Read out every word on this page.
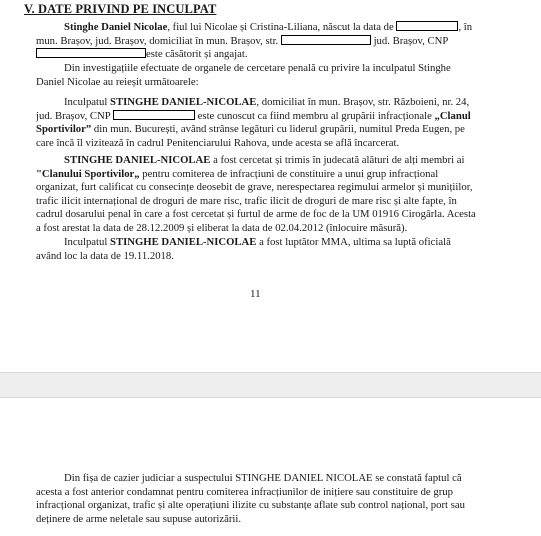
V. DATE PRIVIND PE INCULPAT
Stinghe Daniel Nicolae, fiul lui Nicolae și Cristina-Liliana, născut la data de	, în
mun. Brașov, jud. Brașov, domiciliat în mun. Brașov, str.	jud. Brașov, CNP
este căsătorit și angajat.
Din investigațiile efectuate de organele de cercetare penală cu privire la inculpatul Stinghe
Daniel Nicolae au reieșit următoarele:
Inculpatul STINGHE DANIEL-NICOLAE, domiciliat în mun. Brașov, str. Războieni, nr. 24,
jud. Brașov, CNP	este cunoscut ca fiind membru al grupării infracționale „Clanul
Sportivilor” din mun. București, având strânse legături cu liderul grupării, numitul Preda Eugen, pe
care încă îl vizitează în cadrul Penitenciarului Rahova, unde acesta se află încarcerat.
STINGHE DANIEL-NICOLAE a fost cercetat și trimis în judecată alături de alți membri ai
"Clanului Sportivilor„ pentru comiterea de infracțiuni de constituire a unui grup infracțional
organizat, furt calificat cu consecințe deosebit de grave, nerespectarea regimului armelor și munițiilor,
trafic ilicit internațional de droguri de mare risc, trafic ilicit de droguri de mare risc și alte fapte, în
cadrul dosarului penal în care a fost cercetat și furtul de arme de foc de la UM 01916 Cirogârla. Acesta
a fost arestat la data de 28.12.2009 și eliberat la data de 02.04.2012 (înlocuire măsură).
Inculpatul STINGHE DANIEL-NICOLAE a fost luptător MMA, ultima sa luptă oficială
având loc la data de 19.11.2018.
11
Din fișa de cazier judiciar a suspectului STINGHE DANIEL NICOLAE se constată faptul că
acesta a fost anterior condamnat pentru comiterea infracțiunilor de inițiere sau constituire de grup
infracțional organizat, trafic și alte operațiuni ilizite cu substanțe aflate sub control național, port sau
deținere de arme neletale sau supuse autorizării.
